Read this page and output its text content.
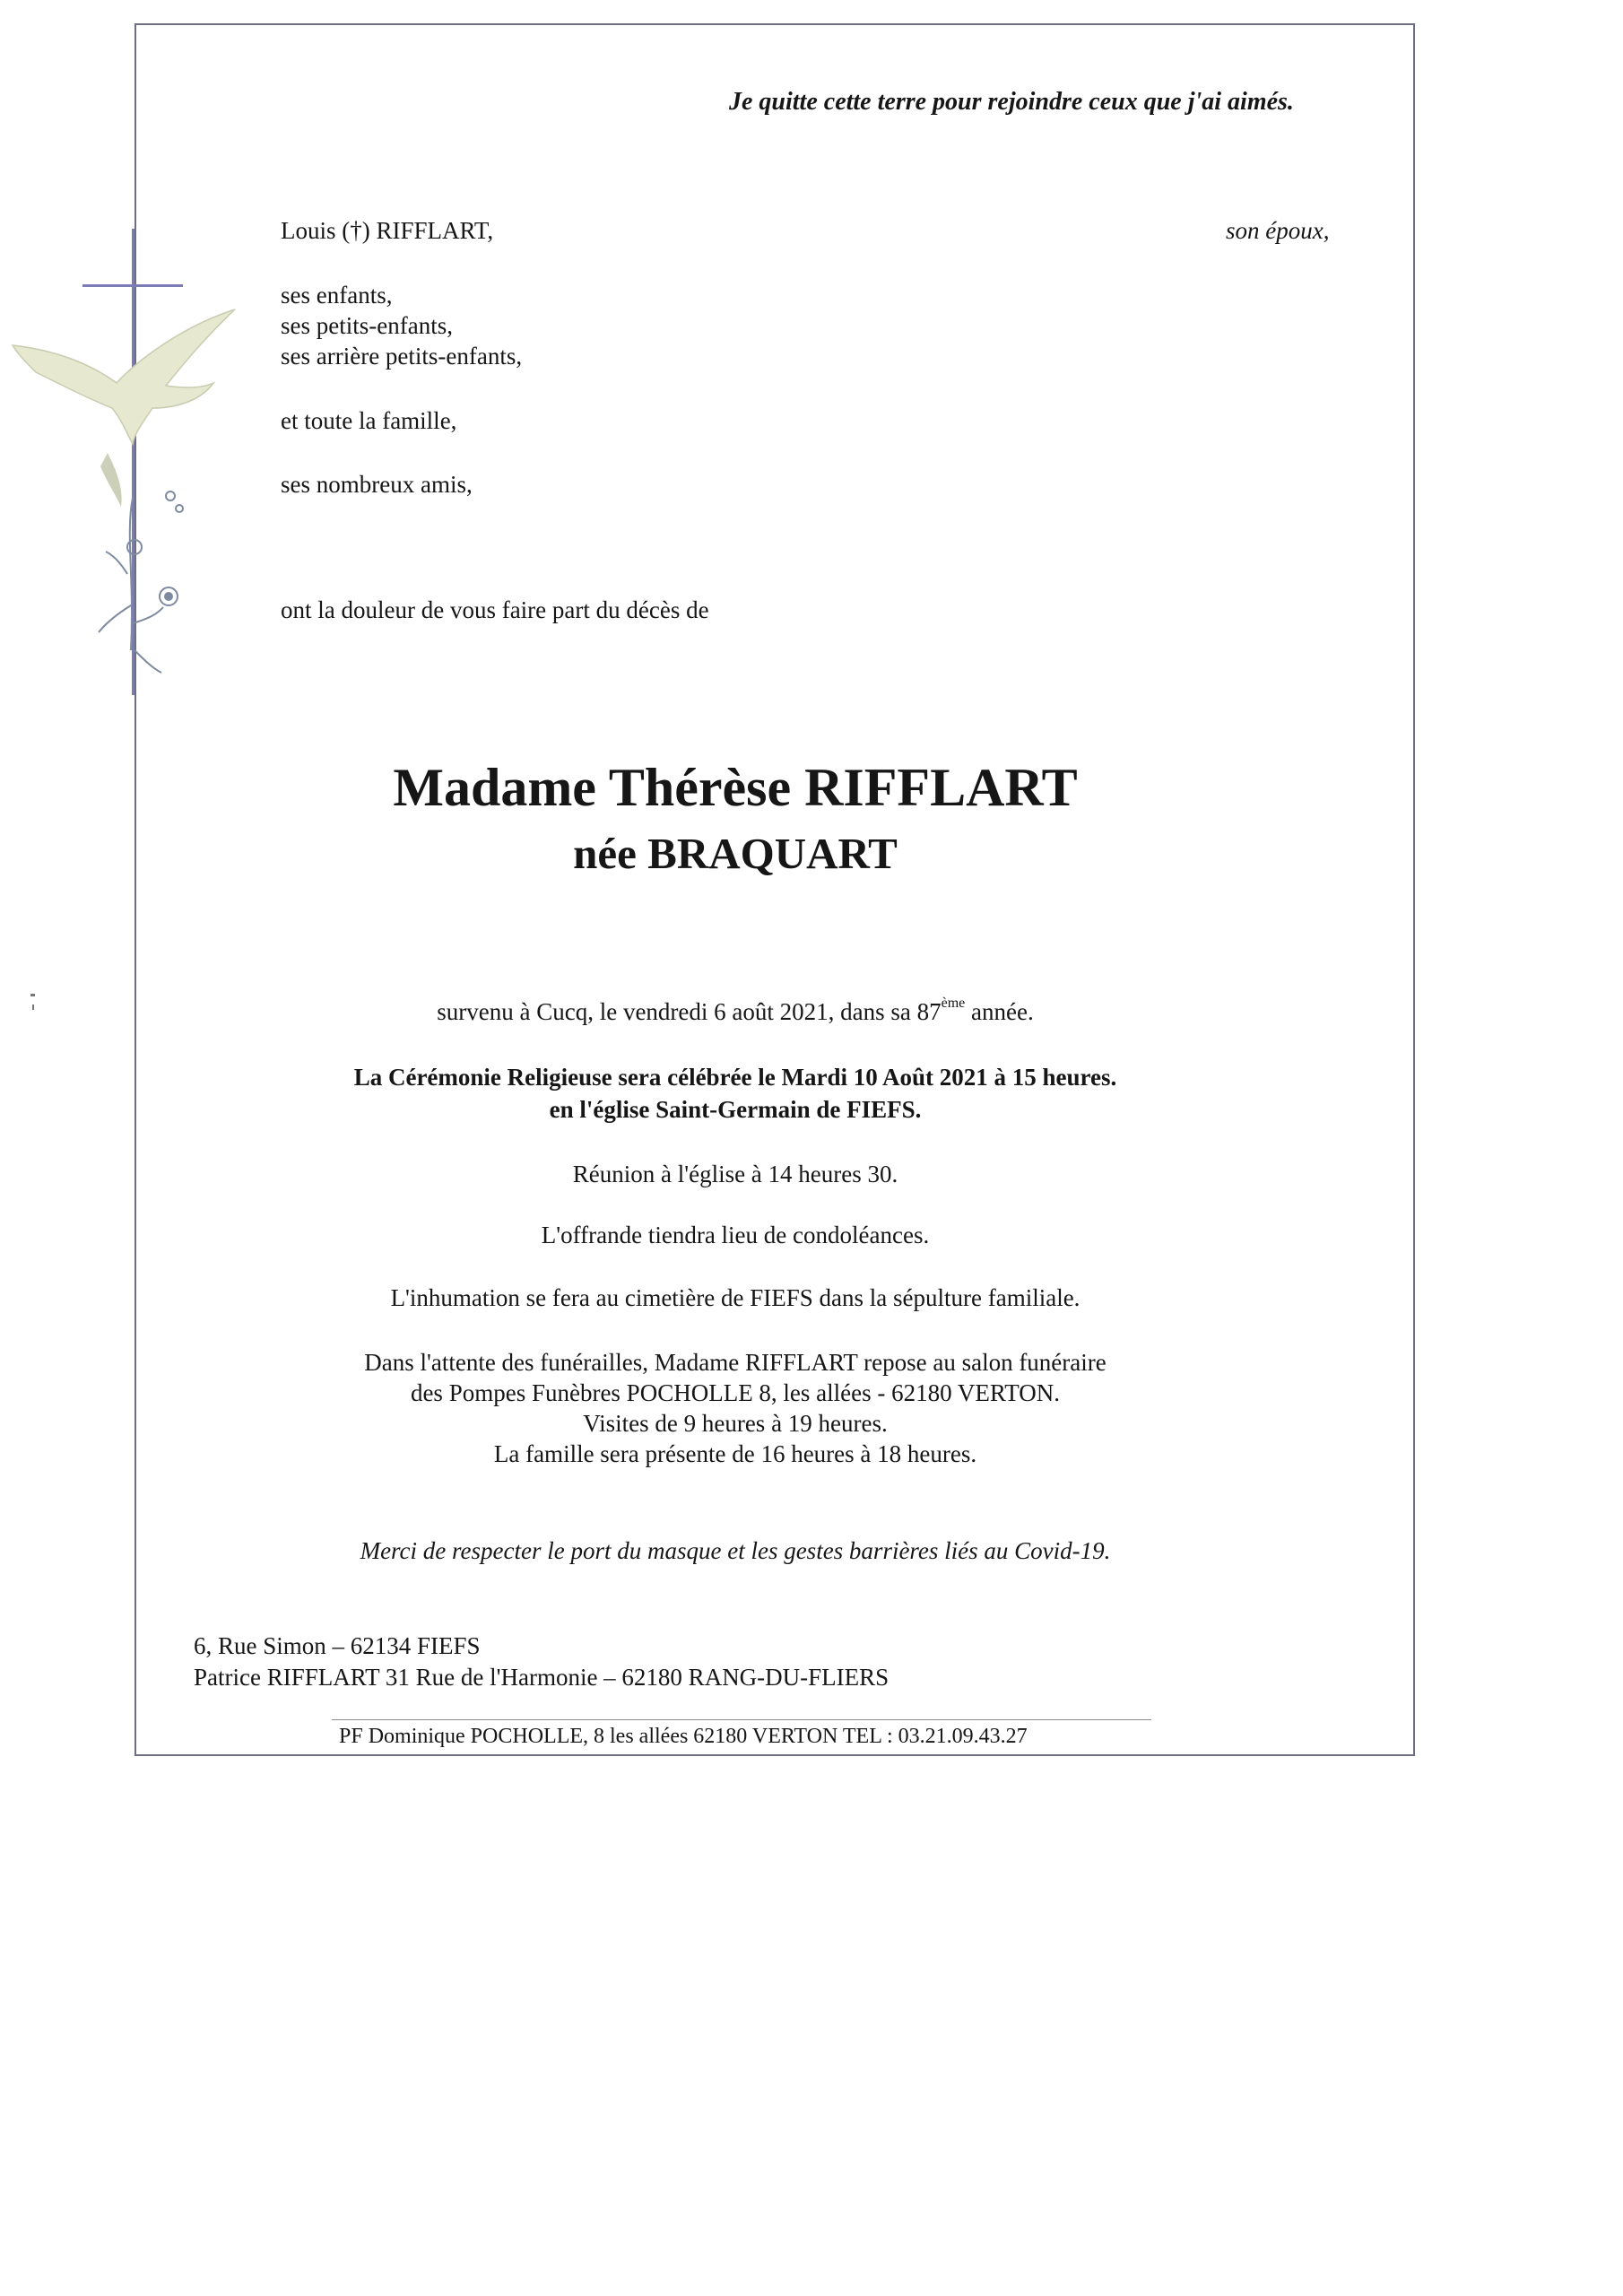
Je quitte cette terre pour rejoindre ceux que j'ai aimés.
Louis (†) RIFFLART,	son époux,
ses enfants,
ses petits-enfants,
ses arrière petits-enfants,
et toute la famille,
ses nombreux amis,
ont la douleur de vous faire part du décès de
Madame Thérèse RIFFLART
née BRAQUART
survenu à Cucq, le vendredi 6 août 2021, dans sa 87ème année.
La Cérémonie Religieuse sera célébrée le Mardi 10 Août 2021 à 15 heures.
en l'église Saint-Germain de FIEFS.
Réunion à l'église à 14 heures 30.
L'offrande tiendra lieu de condoléances.
L'inhumation se fera au cimetière de FIEFS dans la sépulture familiale.
Dans l'attente des funérailles, Madame RIFFLART repose au salon funéraire
des Pompes Funèbres POCHOLLE 8, les allées - 62180 VERTON.
Visites de 9 heures à 19 heures.
La famille sera présente de 16 heures à 18 heures.
Merci de respecter le port du masque et les gestes barrières liés au Covid-19.
6, Rue Simon – 62134 FIEFS
Patrice RIFFLART 31 Rue de l'Harmonie – 62180 RANG-DU-FLIERS
PF Dominique POCHOLLE, 8 les allées 62180 VERTON TEL : 03.21.09.43.27
